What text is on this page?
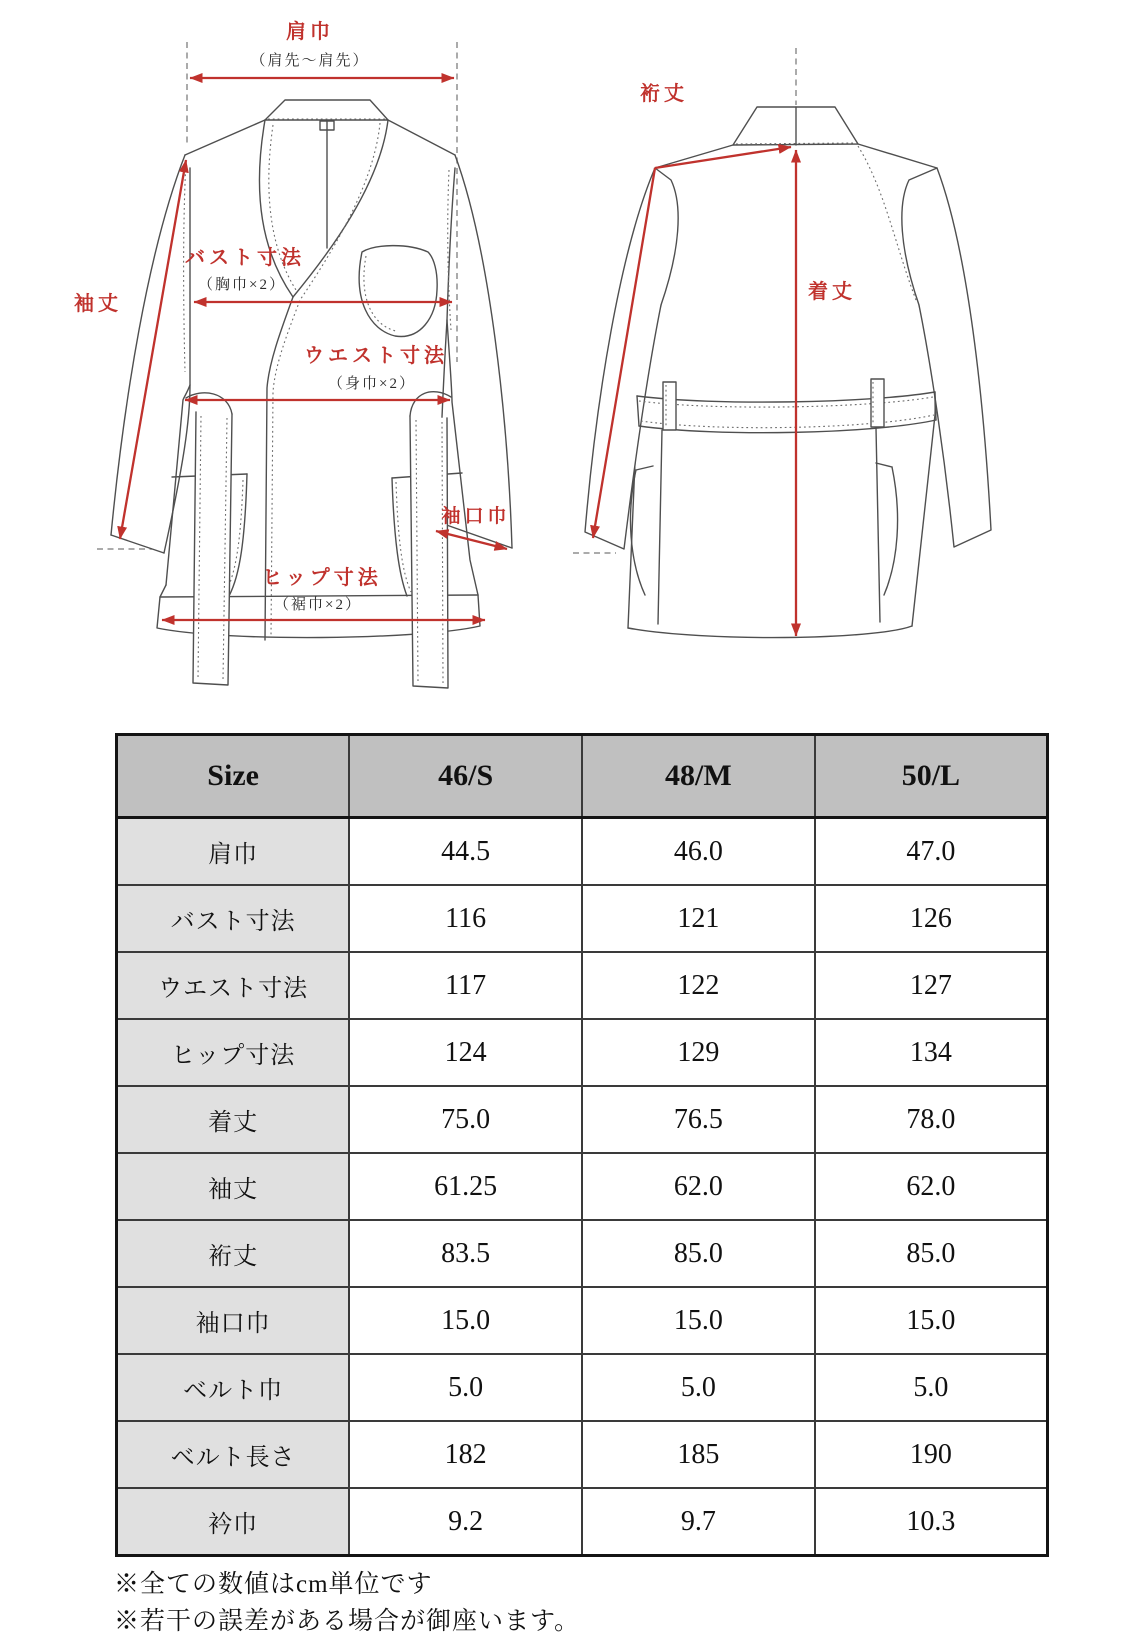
肩巾
（肩先～肩先）
袖丈
バスト寸法
（胸巾×2）
ウエスト寸法
（身巾×2）
ヒップ寸法
（裾巾×2）
袖口巾
裄丈
着丈
Size	46/S	48/M	50/L
肩巾	44.5	46.0	47.0
バスト寸法	116	121	126
ウエスト寸法	117	122	127
ヒップ寸法	124	129	134
着丈	75.0	76.5	78.0
袖丈	61.25	62.0	62.0
裄丈	83.5	85.0	85.0
袖口巾	15.0	15.0	15.0
ベルト巾	5.0	5.0	5.0
ベルト長さ	182	185	190
衿巾	9.2	9.7	10.3
※全ての数値はcm単位です
※若干の誤差がある場合が御座います。
